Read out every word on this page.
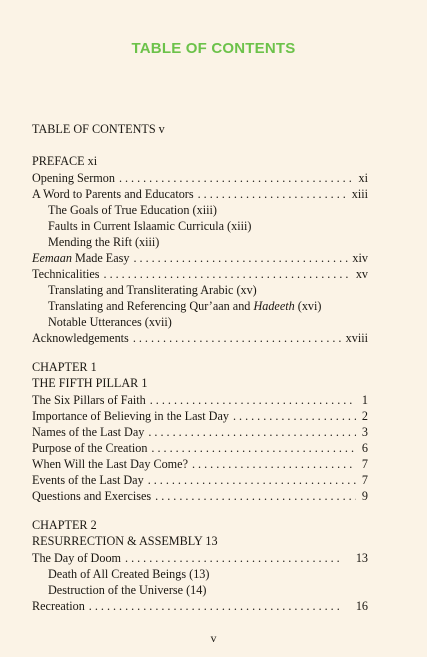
TABLE OF CONTENTS
TABLE OF CONTENTS v
PREFACE xi
Opening Sermon .....	xi
A Word to Parents and Educators .....	xiii
The Goals of True Education (xiii)
Faults in Current Islaamic Curricula (xiii)
Mending the Rift (xiii)
Eemaan Made Easy .....	xiv
Technicalities .....	xv
Translating and Transliterating Arabic (xv)
Translating and Referencing Qur’aan and Hadeeth (xvi)
Notable Utterances (xvii)
Acknowledgements .....	xviii
CHAPTER 1
THE FIFTH PILLAR 1
The Six Pillars of Faith .....	1
Importance of Believing in the Last Day .....	2
Names of the Last Day .....	3
Purpose of the Creation .....	6
When Will the Last Day Come? .....	7
Events of the Last Day .....	7
Questions and Exercises .....	9
CHAPTER 2
RESURRECTION & ASSEMBLY 13
The Day of Doom .....	13
Death of All Created Beings (13)
Destruction of the Universe (14)
Recreation .....	16
v
